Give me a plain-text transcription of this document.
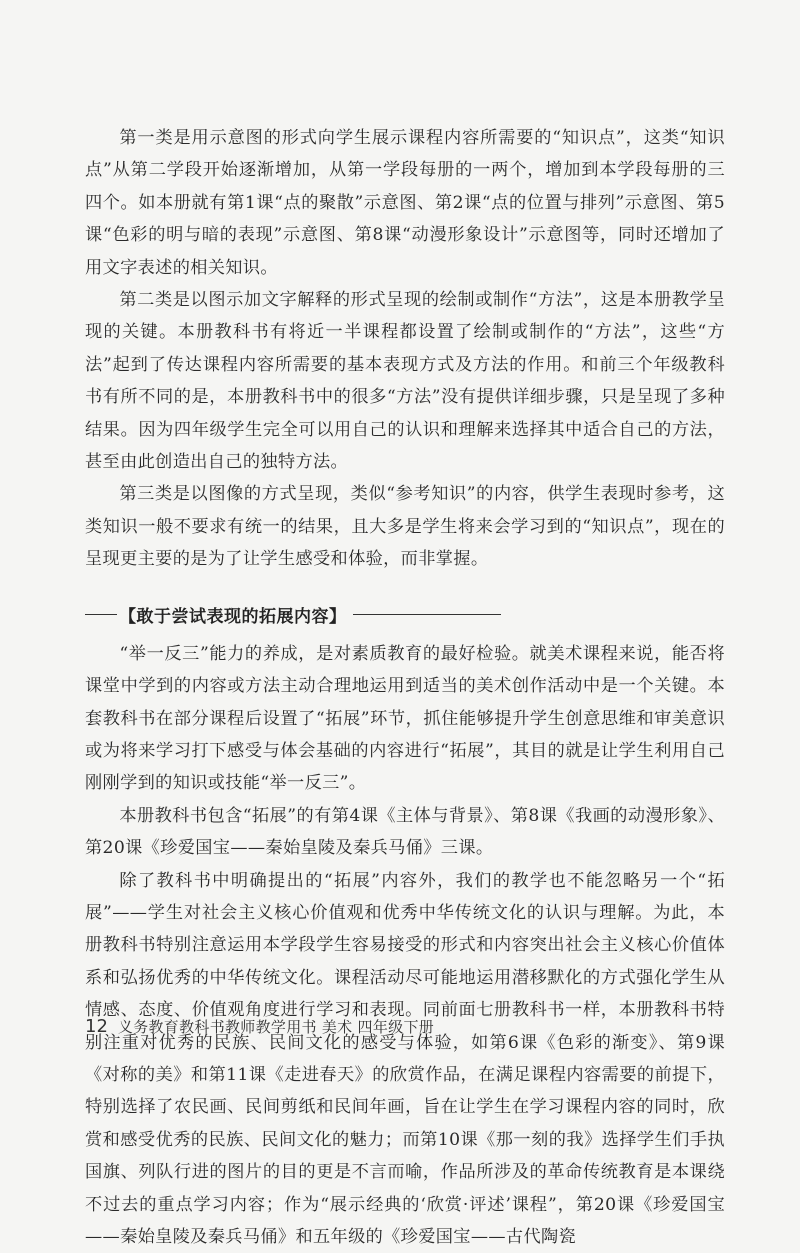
第一类是用示意图的形式向学生展示课程内容所需要的“知识点”，这类“知识点”从第二学段开始逐渐增加，从第一学段每册的一两个，增加到本学段每册的三四个。如本册就有第1课“点的聚散”示意图、第2课“点的位置与排列”示意图、第5课“色彩的明与暗的表现”示意图、第8课“动漫形象设计”示意图等，同时还增加了用文字表述的相关知识。

第二类是以图示加文字解释的形式呈现的绘制或制作“方法”，这是本册教学呈现的关键。本册教科书有将近一半课程都设置了绘制或制作的“方法”，这些“方法”起到了传达课程内容所需要的基本表现方式及方法的作用。和前三个年级教科书有所不同的是，本册教科书中的很多“方法”没有提供详细步骤，只是呈现了多种结果。因为四年级学生完全可以用自己的认识和理解来选择其中适合自己的方法，甚至由此创造出自己的独特方法。

第三类是以图像的方式呈现，类似“参考知识”的内容，供学生表现时参考，这类知识一般不要求有统一的结果，且大多是学生将来会学习到的“知识点”，现在的呈现更主要的是为了让学生感受和体验，而非掌握。

【敢于尝试表现的拓展内容】

“举一反三”能力的养成，是对素质教育的最好检验。就美术课程来说，能否将课堂中学到的内容或方法主动合理地运用到适当的美术创作活动中是一个关键。本套教科书在部分课程后设置了“拓展”环节，抓住能够提升学生创意思维和审美意识或为将来学习打下感受与体会基础的内容进行“拓展”，其目的就是让学生利用自己刚刚学到的知识或技能“举一反三”。

本册教科书包含“拓展”的有第4课《主体与背景》、第8课《我画的动漫形象》、第20课《珍爱国宝——秦始皇陵及秦兵马俑》三课。

除了教科书中明确提出的“拓展”内容外，我们的教学也不能忽略另一个“拓展”——学生对社会主义核心价值观和优秀中华传统文化的认识与理解。为此，本册教科书特别注意运用本学段学生容易接受的形式和内容突出社会主义核心价值体系和弘扬优秀的中华传统文化。课程活动尽可能地运用潜移默化的方式强化学生从情感、态度、价值观角度进行学习和表现。同前面七册教科书一样，本册教科书特别注重对优秀的民族、民间文化的感受与体验，如第6课《色彩的渐变》、第9课《对称的美》和第11课《走进春天》的欣赏作品，在满足课程内容需要的前提下，特别选择了农民画、民间剪纸和民间年画，旨在让学生在学习课程内容的同时，欣赏和感受优秀的民族、民间文化的魅力；而第10课《那一刻的我》选择学生们手执国旗、列队行进的图片的目的更是不言而喻，作品所涉及的革命传统教育是本课绕不过去的重点学习内容；作为“展示经典的‘欣赏·评述’课程”，第20课《珍爱国宝——秦始皇陵及秦兵马俑》和五年级的《珍爱国宝——古代陶瓷

12 义务教育教科书教师教学用书 美术 四年级下册
